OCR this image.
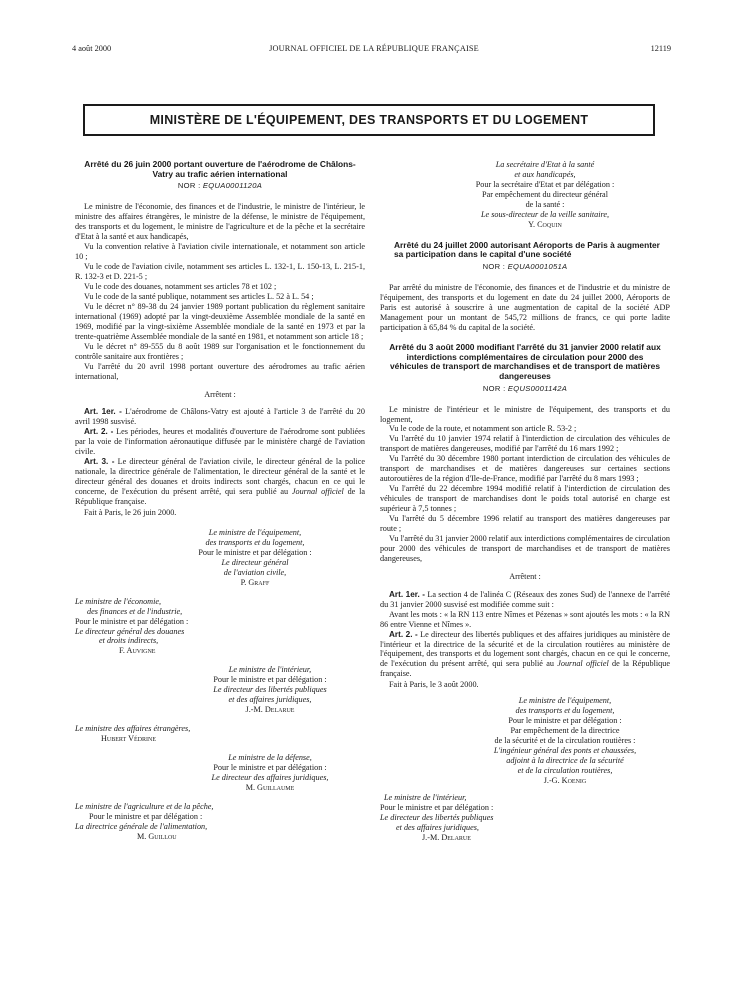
4 août 2000	JOURNAL OFFICIEL DE LA RÉPUBLIQUE FRANÇAISE	12119
MINISTÈRE DE L'ÉQUIPEMENT, DES TRANSPORTS ET DU LOGEMENT
Arrêté du 26 juin 2000 portant ouverture de l'aérodrome de Châlons-Vatry au trafic aérien international
NOR : EQUA0001120A

Le ministre de l'économie, des finances et de l'industrie, le ministre de l'intérieur, le ministre des affaires étrangères, le ministre de la défense, le ministre de l'équipement, des transports et du logement, le ministre de l'agriculture et de la pêche et la secrétaire d'Etat à la santé et aux handicapés,

Vu la convention relative à l'aviation civile internationale, et notamment son article 10 ;

Vu le code de l'aviation civile, notamment ses articles L. 132-1, L. 150-13, L. 215-1, R. 132-3 et D. 221-5 ;

Vu le code des douanes, notamment ses articles 78 et 102 ;

Vu le code de la santé publique, notamment ses articles L. 52 à L. 54 ;

Vu le décret n° 89-38 du 24 janvier 1989 portant publication du règlement sanitaire international (1969) adopté par la vingt-deuxième Assemblée mondiale de la santé en 1969, modifié par la vingt-sixième Assemblée mondiale de la santé en 1973 et par la trente-quatrième Assemblée mondiale de la santé en 1981, et notamment son article 18 ;

Vu le décret n° 89-555 du 8 août 1989 sur l'organisation et le fonctionnement du contrôle sanitaire aux frontières ;

Vu l'arrêté du 20 avril 1998 portant ouverture des aérodromes au trafic aérien international,

Arrêtent :

Art. 1er. - L'aérodrome de Châlons-Vatry est ajouté à l'article 3 de l'arrêté du 20 avril 1998 susvisé.

Art. 2. - Les périodes, heures et modalités d'ouverture de l'aérodrome sont publiées par la voie de l'information aéronautique diffusée par le ministère chargé de l'aviation civile.

Art. 3. - Le directeur général de l'aviation civile, le directeur général de la police nationale, la directrice générale de l'alimentation, le directeur général de la santé et le directeur général des douanes et droits indirects sont chargés, chacun en ce qui le concerne, de l'exécution du présent arrêté, qui sera publié au Journal officiel de la République française.

Fait à Paris, le 26 juin 2000.

Le ministre de l'équipement,

des transports et du logement,

Pour le ministre et par délégation :

Le directeur général

de l'aviation civile,

P. Graff

Le ministre de l'économie,

des finances et de l'industrie,

Pour le ministre et par délégation :

Le directeur général des douanes

et droits indirects,

F. Auvigne

Le ministre de l'intérieur,

Pour le ministre et par délégation :

Le directeur des libertés publiques

et des affaires juridiques,

J.-M. Delarue

Le ministre des affaires étrangères,

Hubert Védrine

Le ministre de la défense,

Pour le ministre et par délégation :

Le directeur des affaires juridiques,

M. Guillaume

Le ministre de l'agriculture et de la pêche,

Pour le ministre et par délégation :

La directrice générale de l'alimentation,

M. Guillou

La secrétaire d'Etat à la santé

et aux handicapés,

Pour la secrétaire d'Etat et par délégation :

Par empêchement du directeur général

de la santé :

Le sous-directeur de la veille sanitaire,

Y. Coquin

Arrêté du 24 juillet 2000 autorisant Aéroports de Paris à augmenter sa participation dans le capital d'une société
NOR : EQUA0001051A

Par arrêté du ministre de l'économie, des finances et de l'industrie et du ministre de l'équipement, des transports et du logement en date du 24 juillet 2000, Aéroports de Paris est autorisé à souscrire à une augmentation de capital de la société ADP Management pour un montant de 545,72 millions de francs, ce qui porte ladite participation à 65,84 % du capital de la société.

Arrêté du 3 août 2000 modifiant l'arrêté du 31 janvier 2000 relatif aux interdictions complémentaires de circulation pour 2000 des véhicules de transport de marchandises et de transport de matières dangereuses
NOR : EQUS0001142A

Le ministre de l'intérieur et le ministre de l'équipement, des transports et du logement,

Vu le code de la route, et notamment son article R. 53-2 ;

Vu l'arrêté du 10 janvier 1974 relatif à l'interdiction de circulation des véhicules de transport de matières dangereuses, modifié par l'arrêté du 16 mars 1992 ;

Vu l'arrêté du 30 décembre 1980 portant interdiction de circulation des véhicules de transport de marchandises et de matières dangereuses sur certaines sections autoroutières de la région d'Ile-de-France, modifié par l'arrêté du 8 mars 1993 ;

Vu l'arrêté du 22 décembre 1994 modifié relatif à l'interdiction de circulation des véhicules de transport de marchandises dont le poids total autorisé en charge est supérieur à 7,5 tonnes ;

Vu l'arrêté du 5 décembre 1996 relatif au transport des matières dangereuses par route ;

Vu l'arrêté du 31 janvier 2000 relatif aux interdictions complémentaires de circulation pour 2000 des véhicules de transport de marchandises et de transport de matières dangereuses,

Arrêtent :

Art. 1er. - La section 4 de l'alinéa C (Réseaux des zones Sud) de l'annexe de l'arrêté du 31 janvier 2000 susvisé est modifiée comme suit :

Avant les mots : « la RN 113 entre Nîmes et Pézenas » sont ajoutés les mots : « la RN 86 entre Vienne et Nîmes ».

Art. 2. - Le directeur des libertés publiques et des affaires juridiques au ministère de l'intérieur et la directrice de la sécurité et de la circulation routières au ministère de l'équipement, des transports et du logement sont chargés, chacun en ce qui le concerne, de l'exécution du présent arrêté, qui sera publié au Journal officiel de la République française.

Fait à Paris, le 3 août 2000.

Le ministre de l'équipement,

des transports et du logement,

Pour le ministre et par délégation :

Par empêchement de la directrice

de la sécurité et de la circulation routières :

L'ingénieur général des ponts et chaussées,

adjoint à la directrice de la sécurité

et de la circulation routières,

J.-G. Koenig

Le ministre de l'intérieur,

Pour le ministre et par délégation :

Le directeur des libertés publiques

et des affaires juridiques,

J.-M. Delarue
